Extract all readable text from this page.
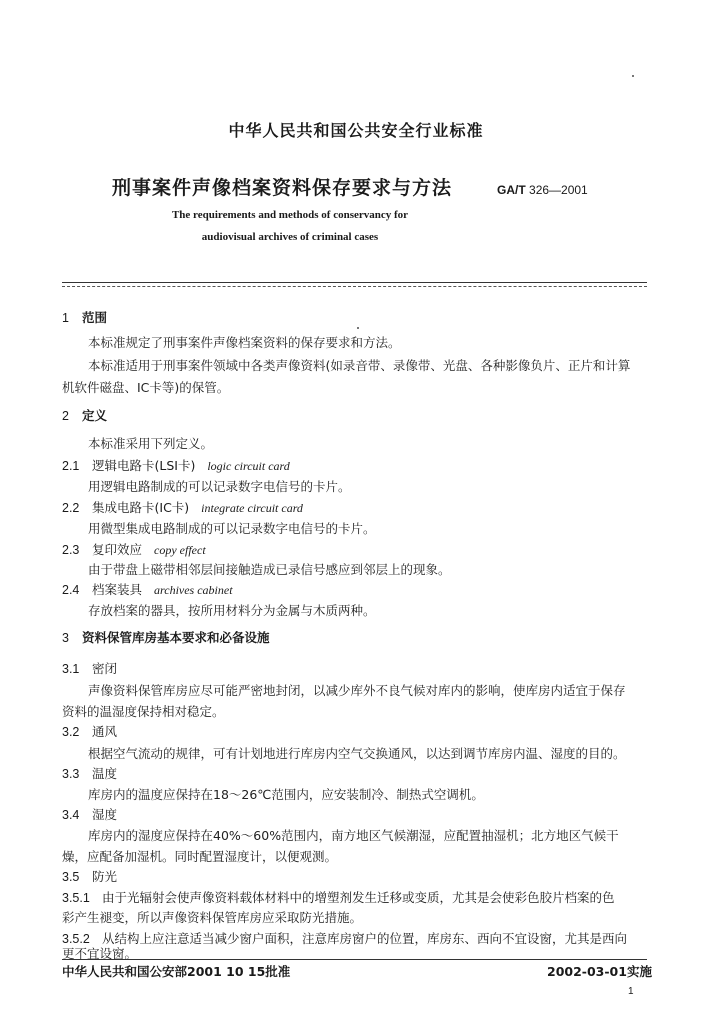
中华人民共和国公共安全行业标准
刑事案件声像档案资料保存要求与方法	GA/T 326—2001
The requirements and methods of conservancy for
audiovisual archives of criminal cases
1 范围
本标准规定了刑事案件声像档案资料的保存要求和方法。
本标准适用于刑事案件领域中各类声像资料(如录音带、录像带、光盘、各种影像负片、正片和计算
机软件磁盘、IC卡等)的保管。
2 定义
本标准采用下列定义。
2.1 逻辑电路卡(LSI卡) logic circuit card
用逻辑电路制成的可以记录数字电信号的卡片。
2.2 集成电路卡(IC卡) integrate circuit card
用微型集成电路制成的可以记录数字电信号的卡片。
2.3 复印效应 copy effect
由于带盘上磁带相邻层间接触造成已录信号感应到邻层上的现象。
2.4 档案装具 archives cabinet
存放档案的器具，按所用材料分为金属与木质两种。
3 资料保管库房基本要求和必备设施
3.1 密闭
声像资料保管库房应尽可能严密地封闭，以减少库外不良气候对库内的影响，使库房内适宜于保存
资料的温湿度保持相对稳定。
3.2 通风
根据空气流动的规律，可有计划地进行库房内空气交换通风，以达到调节库房内温、湿度的目的。
3.3 温度
库房内的温度应保持在18～26℃范围内，应安装制冷、制热式空调机。
3.4 湿度
库房内的湿度应保持在40%～60%范围内，南方地区气候潮湿，应配置抽湿机；北方地区气候干
燥，应配备加湿机。同时配置湿度计，以便观测。
3.5 防光
3.5.1 由于光辐射会使声像资料载体材料中的增塑剂发生迁移或变质，尤其是会使彩色胶片档案的色
彩产生褪变，所以声像资料保管库房应采取防光措施。
3.5.2 从结构上应注意适当减少窗户面积，注意库房窗户的位置，库房东、西向不宜设窗，尤其是西向
更不宜设窗。
中华人民共和国公安部2001 10 15批准	2002-03-01实施
1
